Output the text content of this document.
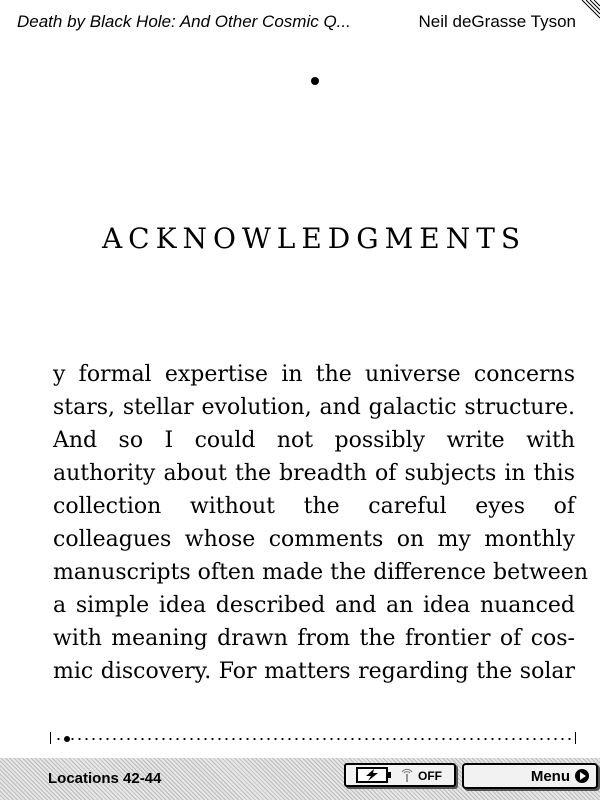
Death by Black Hole: And Other Cosmic Q...	Neil deGrasse Tyson
ACKNOWLEDGMENTS
y formal expertise in the universe concerns
stars, stellar evolution, and galactic structure.
And so I could not possibly write with
authority about the breadth of subjects in this
collection without the careful eyes of
colleagues whose comments on my monthly
manuscripts often made the difference between
a simple idea described and an idea nuanced
with meaning drawn from the frontier of cos-
mic discovery. For matters regarding the solar
Locations 42-44	OFF	Menu
